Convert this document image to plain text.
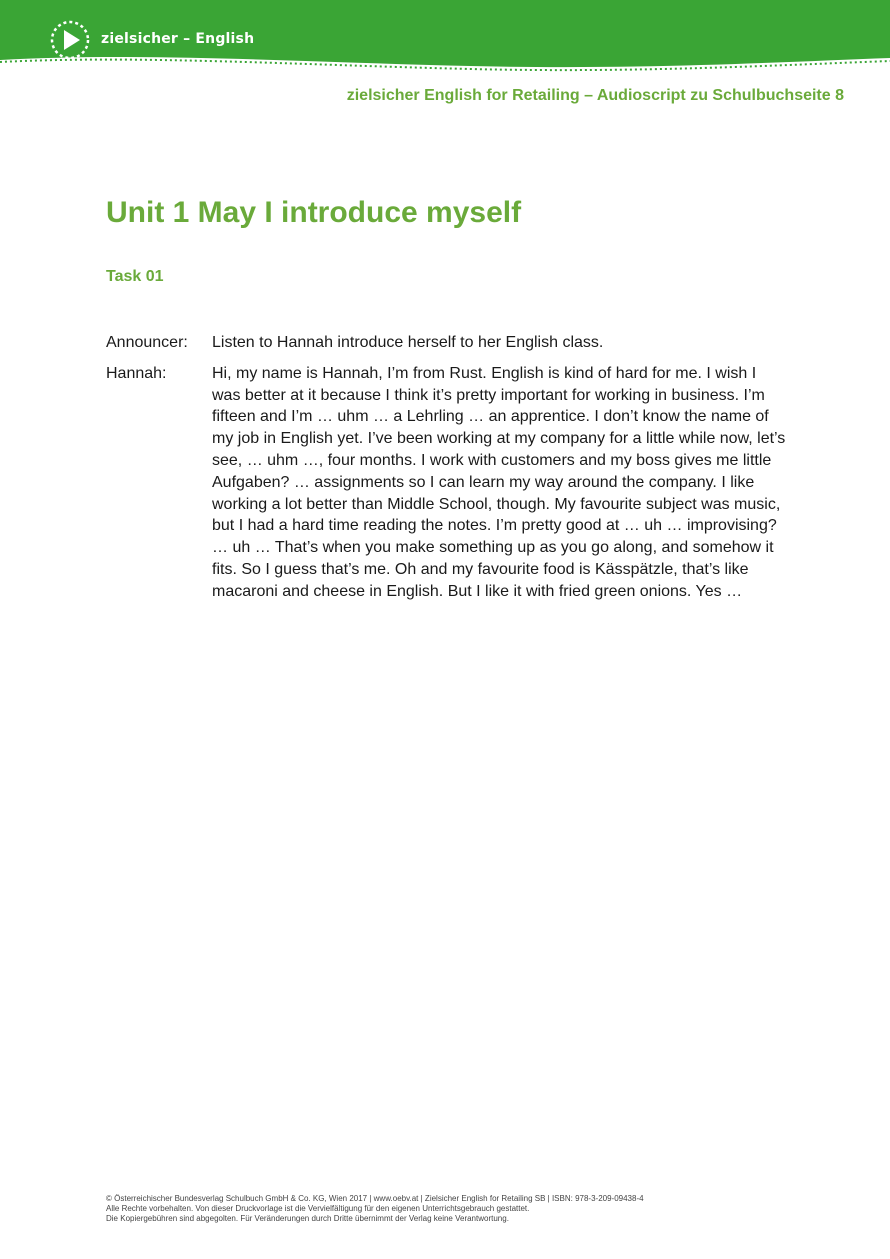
zielsicher – English
zielsicher English for Retailing – Audioscript zu Schulbuchseite 8
Unit 1 May I introduce myself
Task 01
Announcer:	Listen to Hannah introduce herself to her English class.
Hannah:	Hi, my name is Hannah, I’m from Rust. English is kind of hard for me. I wish I was better at it because I think it’s pretty important for working in business. I’m fifteen and I’m … uhm … a Lehrling … an apprentice. I don’t know the name of my job in English yet. I’ve been working at my company for a little while now, let’s see, … uhm …, four months. I work with customers and my boss gives me little Aufgaben? … assignments so I can learn my way around the company. I like working a lot better than Middle School, though. My favourite subject was music, but I had a hard time reading the notes. I’m pretty good at … uh … improvising? … uh … That’s when you make something up as you go along, and somehow it fits. So I guess that’s me. Oh and my favourite food is Kässpätzle, that’s like macaroni and cheese in English. But I like it with fried green onions. Yes …
© Österreichischer Bundesverlag Schulbuch GmbH & Co. KG, Wien 2017 | www.oebv.at | Zielsicher English for Retailing SB | ISBN: 978-3-209-09438-4
Alle Rechte vorbehalten. Von dieser Druckvorlage ist die Vervielfältigung für den eigenen Unterrichtsgebrauch gestattet.
Die Kopiergebühren sind abgegolten. Für Veränderungen durch Dritte übernimmt der Verlag keine Verantwortung.
